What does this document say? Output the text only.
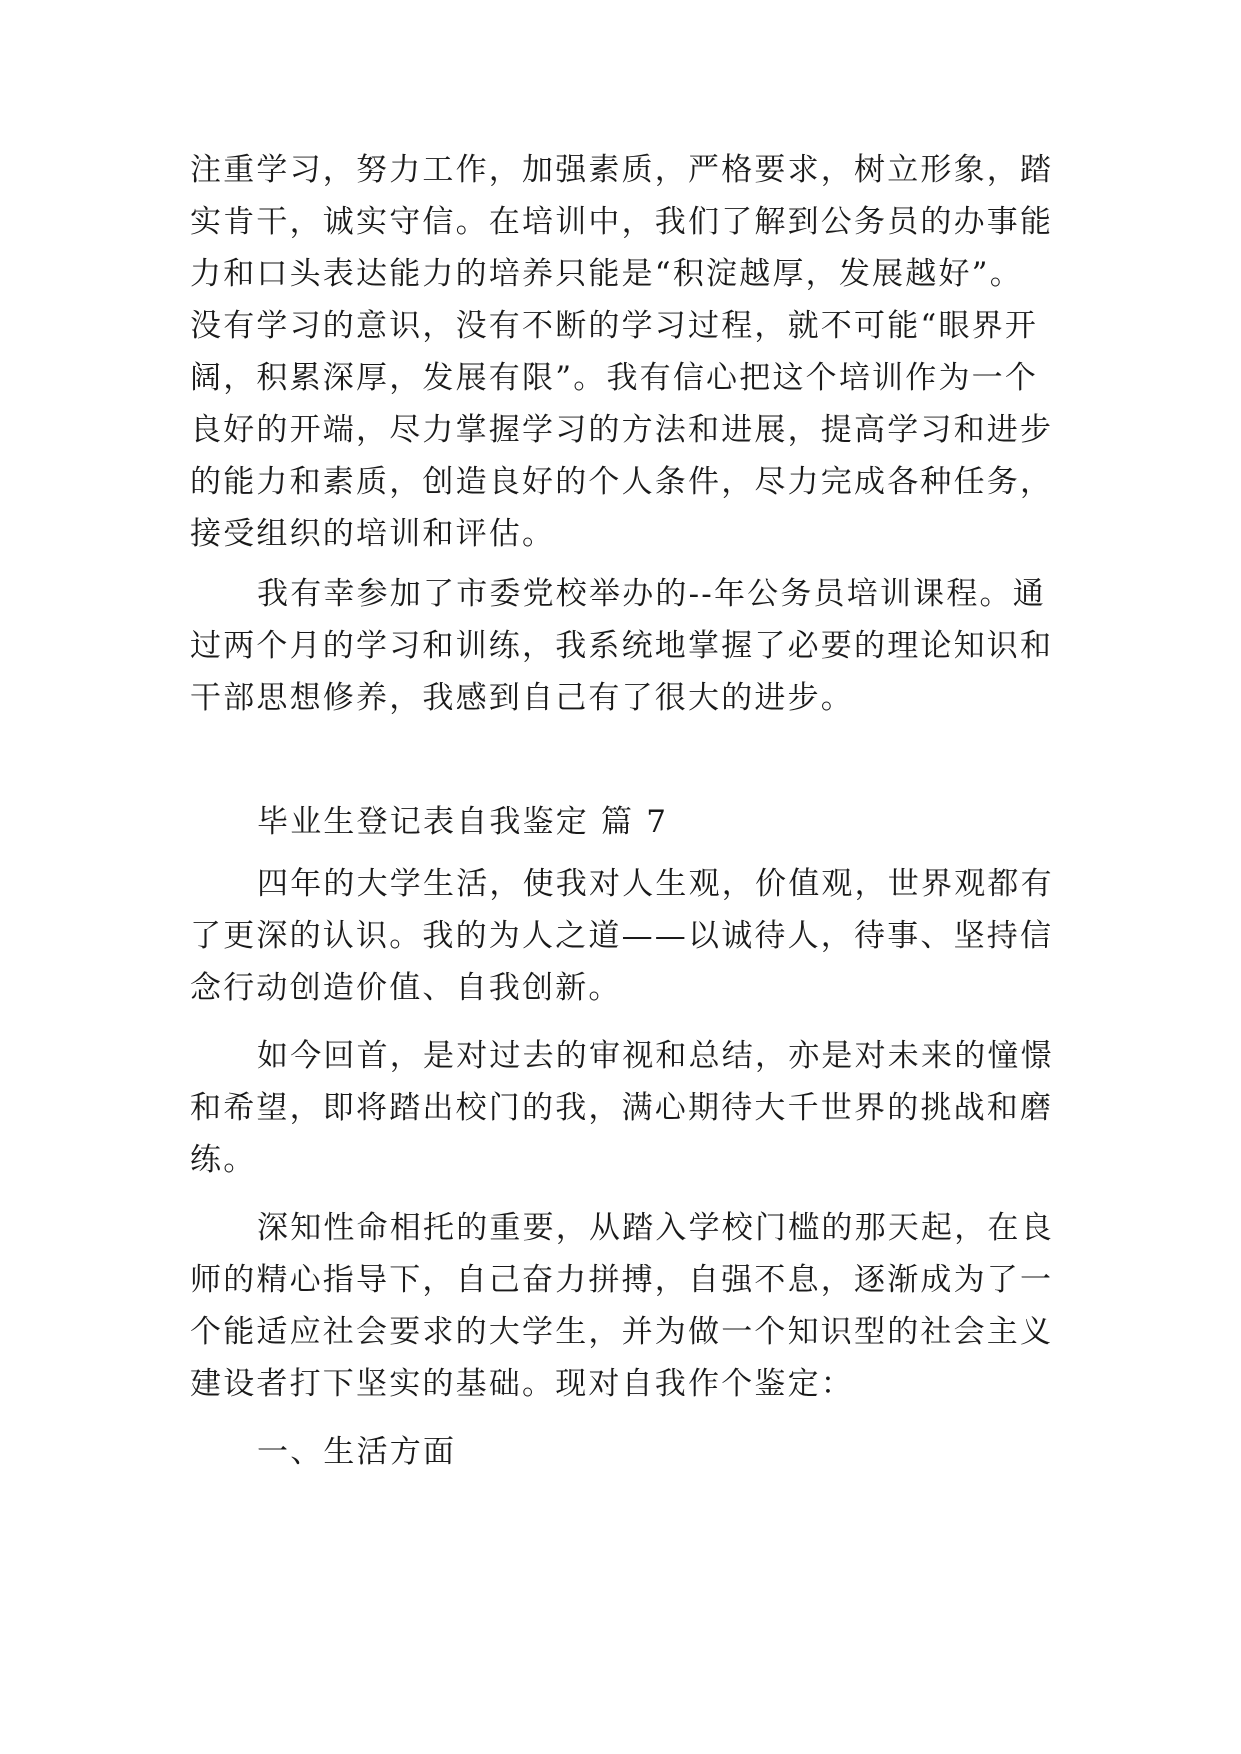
注重学习，努力工作，加强素质，严格要求，树立形象，踏
实肯干，诚实守信。在培训中，我们了解到公务员的办事能
力和口头表达能力的培养只能是“积淀越厚，发展越好”。
没有学习的意识，没有不断的学习过程，就不可能“眼界开
阔，积累深厚，发展有限”。我有信心把这个培训作为一个
良好的开端，尽力掌握学习的方法和进展，提高学习和进步
的能力和素质，创造良好的个人条件，尽力完成各种任务，
接受组织的培训和评估。
我有幸参加了市委党校举办的--年公务员培训课程。通
过两个月的学习和训练，我系统地掌握了必要的理论知识和
干部思想修养，我感到自己有了很大的进步。
毕业生登记表自我鉴定 篇 7
四年的大学生活，使我对人生观，价值观，世界观都有
了更深的认识。我的为人之道——以诚待人，待事、坚持信
念行动创造价值、自我创新。
如今回首，是对过去的审视和总结，亦是对未来的憧憬
和希望，即将踏出校门的我，满心期待大千世界的挑战和磨
练。
深知性命相托的重要，从踏入学校门槛的那天起，在良
师的精心指导下，自己奋力拼搏，自强不息，逐渐成为了一
个能适应社会要求的大学生，并为做一个知识型的社会主义
建设者打下坚实的基础。现对自我作个鉴定：
一、生活方面
